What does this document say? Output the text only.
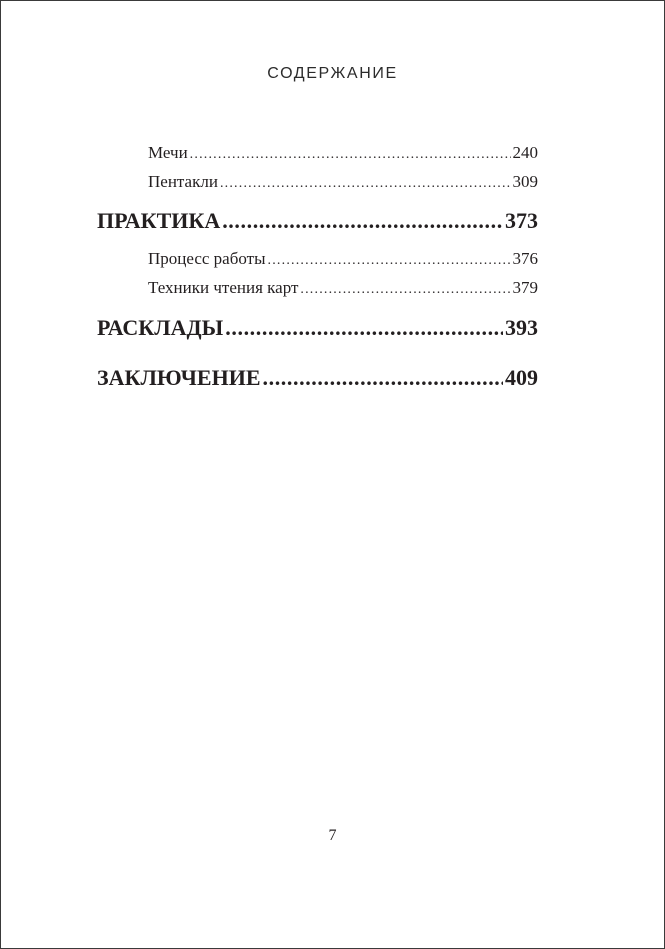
СОДЕРЖАНИЕ
Мечи .....	240
Пентакли .....	309
ПРАКТИКА .....	373
Процесс работы .....	376
Техники чтения карт .....	379
РАСКЛАДЫ .....	393
ЗАКЛЮЧЕНИЕ .....	409
7
